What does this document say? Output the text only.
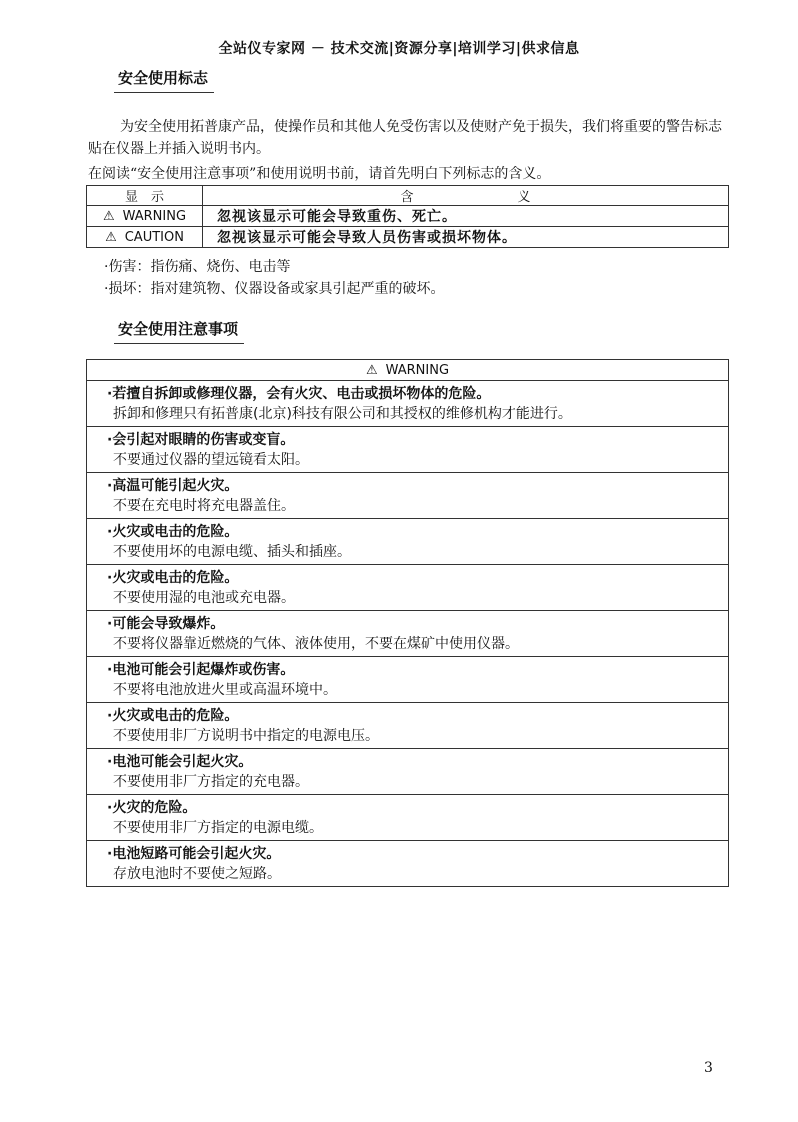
全站仪专家网 － 技术交流|资源分享|培训学习|供求信息
安全使用标志
为安全使用拓普康产品，使操作员和其他人免受伤害以及使财产免于损失，我们将重要的警告标志贴在仪器上并插入说明书内。
在阅读“安全使用注意事项”和使用说明书前，请首先明白下列标志的含义。
显　示	含　　　　　　　　义
⚠ WARNING	忽视该显示可能会导致重伤、死亡。
⚠ CAUTION	忽视该显示可能会导致人员伤害或损坏物体。
·伤害：指伤痛、烧伤、电击等
·损坏：指对建筑物、仪器设备或家具引起严重的破坏。
安全使用注意事项
⚠ WARNING

·若擅自拆卸或修理仪器，会有火灾、电击或损坏物体的危险。
拆卸和修理只有拓普康(北京)科技有限公司和其授权的维修机构才能进行。

·会引起对眼睛的伤害或变盲。
不要通过仪器的望远镜看太阳。

·高温可能引起火灾。
不要在充电时将充电器盖住。

·火灾或电击的危险。
不要使用坏的电源电缆、插头和插座。

·火灾或电击的危险。
不要使用湿的电池或充电器。

·可能会导致爆炸。
不要将仪器靠近燃烧的气体、液体使用，不要在煤矿中使用仪器。

·电池可能会引起爆炸或伤害。
不要将电池放进火里或高温环境中。

·火灾或电击的危险。
不要使用非厂方说明书中指定的电源电压。

·电池可能会引起火灾。
不要使用非厂方指定的充电器。

·火灾的危险。
不要使用非厂方指定的电源电缆。

·电池短路可能会引起火灾。
存放电池时不要使之短路。
3
